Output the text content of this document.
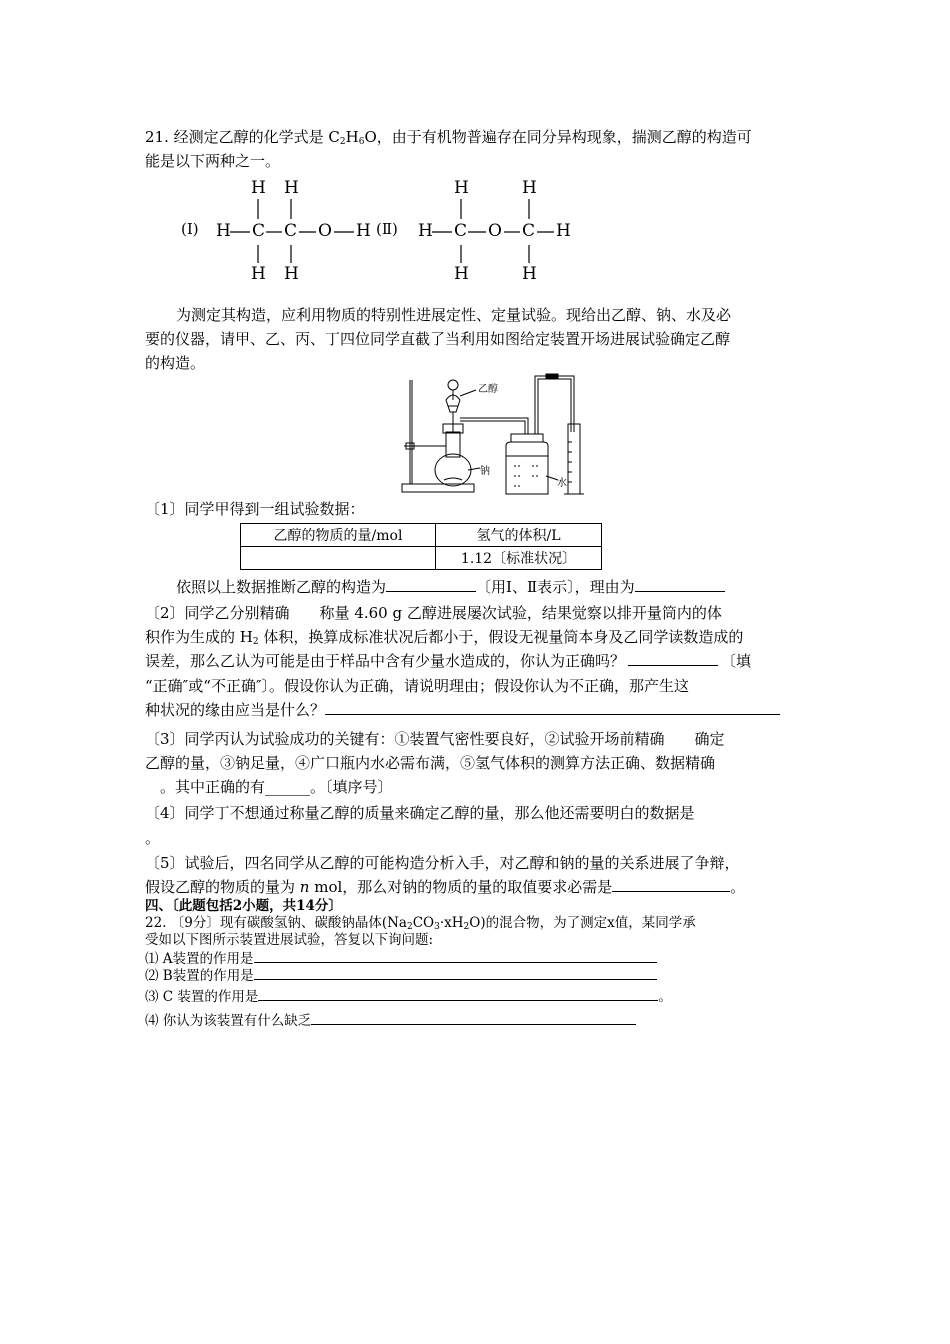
21. 经测定乙醇的化学式是 $C_2H_6O$，由于有机物普遍存在同分异构现象，揣测乙醇的构造可
能是以下两种之一。
(Ⅰ) H C C O H
H H
H H
(Ⅱ) H C O C H
H	H
H	H
为测定其构造，应利用物质的特别性进展定性、定量试验。现给出乙醇、钠、水及必
要的仪器，请甲、乙、丙、丁四位同学直截了当利用如图给定装置开场进展试验确定乙醇
的构造。
乙醇
钠
水
〔1〕同学甲得到一组试验数据：
乙醇的物质的量/mol	氢气的体积/L
	1.12〔标准状况〕
依照以上数据推断乙醇的构造为	〔用Ⅰ、Ⅱ表示〕，理由为
〔2〕同学乙分别精确　　称量 4.60 g 乙醇进展屡次试验，结果觉察以排开量筒内的体
积作为生成的 $H_2$ 体积，换算成标准状况后都小于，假设无视量筒本身及乙同学读数造成的
误差，那么乙认为可能是由于样品中含有少量水造成的，你认为正确吗？	〔填
“正确″或“不正确″〕。假设你认为正确，请说明理由；假设你认为不正确，那产生这
种状况的缘由应当是什么？
〔3〕同学丙认为试验成功的关键有：①装置气密性要良好，②试验开场前精确　　确定
乙醇的量，③钠足量，④广口瓶内水必需布满，⑤氢气体积的测算方法正确、数据精确
。其中正确的有______。〔填序号〕
〔4〕同学丁不想通过称量乙醇的质量来确定乙醇的量，那么他还需要明白的数据是
。
〔5〕试验后，四名同学从乙醇的可能构造分析入手，对乙醇和钠的量的关系进展了争辩，
假设乙醇的物质的量为 n mol，那么对钠的物质的量的取值要求必需是	。
四、〔此题包括2小题，共14分〕
22. 〔9分〕现有碳酸氢钠、碳酸钠晶体$(Na_2CO_3\cdot xH_2O)$的混合物，为了测定x值，某同学承
受如以下图所示装置进展试验，答复以下询问题:
⑴ A装置的作用是
⑵ B装置的作用是
⑶ C 装置的作用是	。
⑷ 你认为该装置有什么缺乏
